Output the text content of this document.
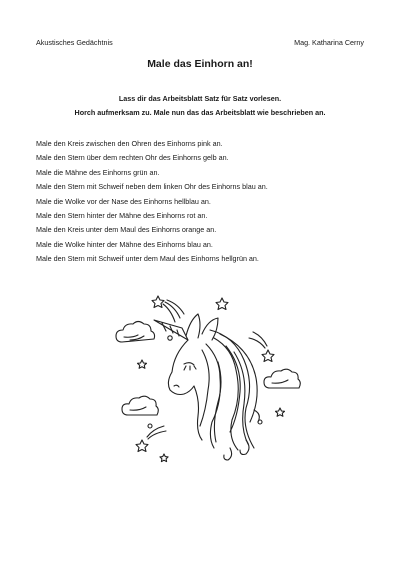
Akustisches Gedächtnis	Mag. Katharina Cerny
Male das Einhorn an!
Lass dir das Arbeitsblatt Satz für Satz vorlesen.
Horch aufmerksam zu. Male nun das das Arbeitsblatt wie beschrieben an.
Male den Kreis zwischen den Ohren des Einhorns pink an.
Male den Stern über dem rechten Ohr des Einhorns gelb an.
Male die Mähne des Einhorns grün an.
Male den Stern mit Schweif neben dem linken Ohr des Einhorns blau an.
Male die Wolke vor der Nase des Einhorns hellblau an.
Male den Stern hinter der Mähne des Einhorns rot an.
Male den Kreis unter dem Maul des Einhorns orange an.
Male die Wolke hinter der Mähne des Einhorns blau an.
Male den Stern mit Schweif unter dem Maul des Einhorns hellgrün an.
